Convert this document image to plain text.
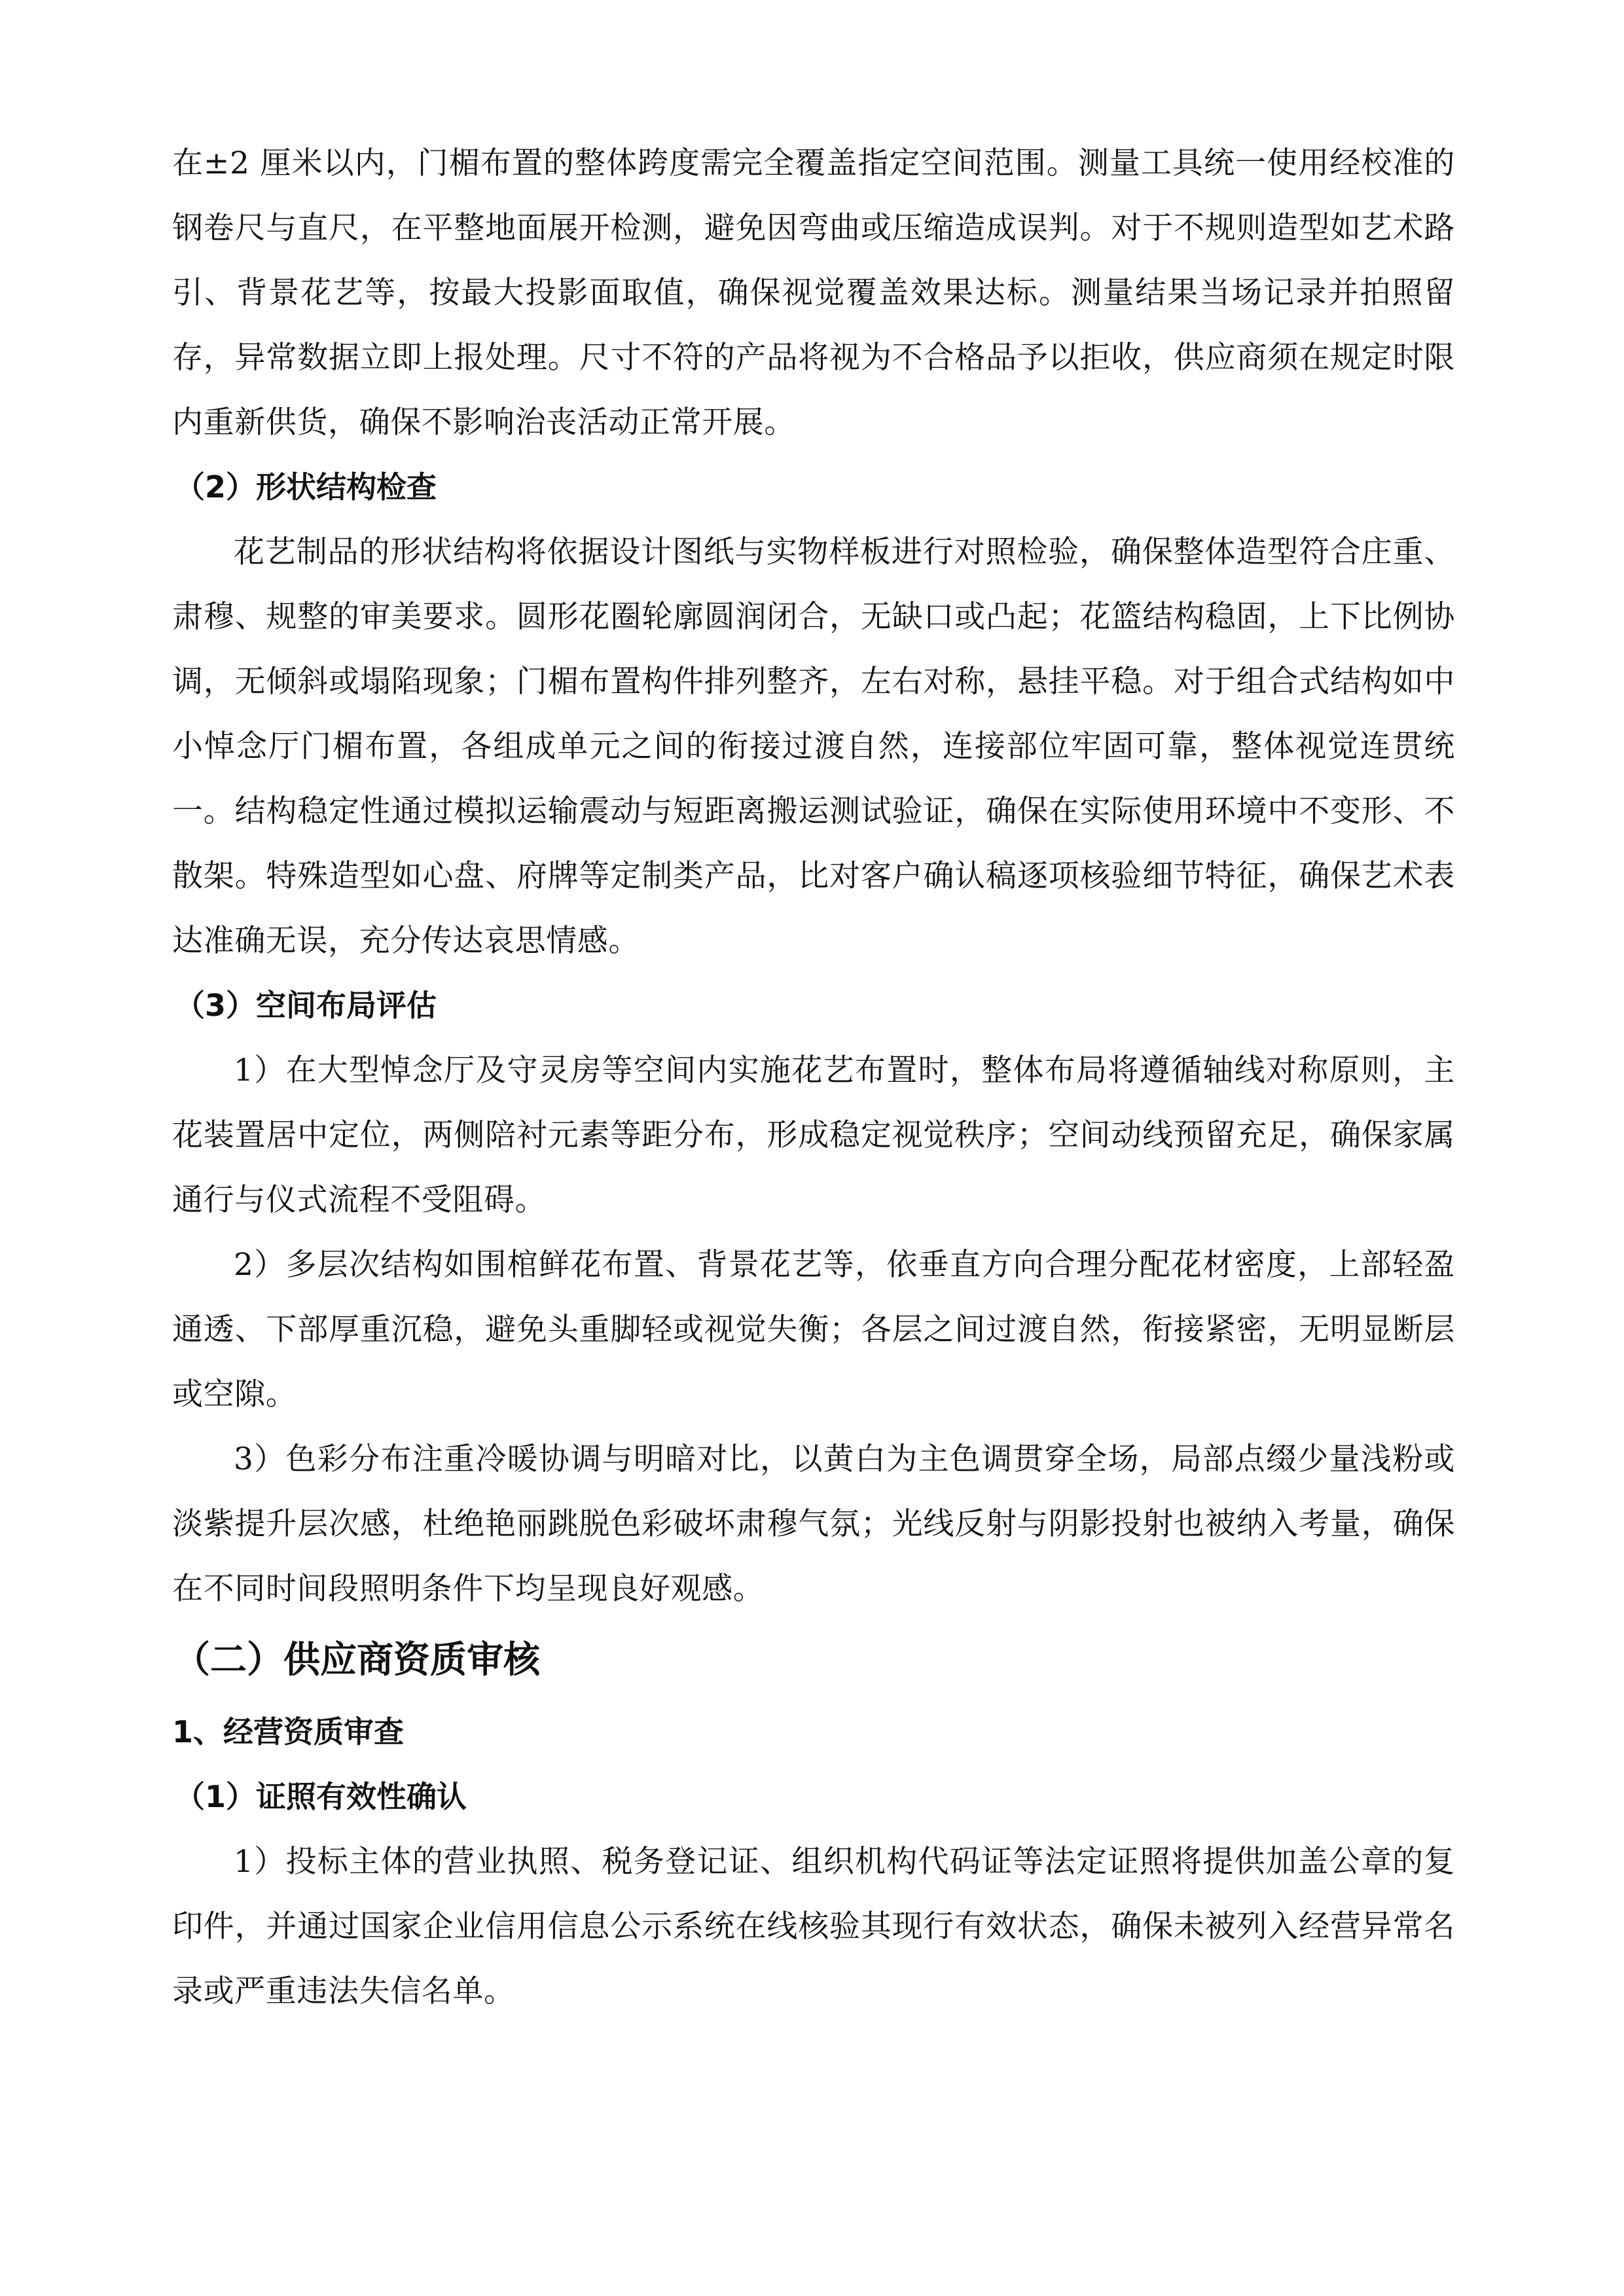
在±2 厘米以内，门楣布置的整体跨度需完全覆盖指定空间范围。测量工具统一使用经校准的钢卷尺与直尺，在平整地面展开检测，避免因弯曲或压缩造成误判。对于不规则造型如艺术路引、背景花艺等，按最大投影面取值，确保视觉覆盖效果达标。测量结果当场记录并拍照留存，异常数据立即上报处理。尺寸不符的产品将视为不合格品予以拒收，供应商须在规定时限内重新供货，确保不影响治丧活动正常开展。

（2）形状结构检查

花艺制品的形状结构将依据设计图纸与实物样板进行对照检验，确保整体造型符合庄重、肃穆、规整的审美要求。圆形花圈轮廓圆润闭合，无缺口或凸起；花篮结构稳固，上下比例协调，无倾斜或塌陷现象；门楣布置构件排列整齐，左右对称，悬挂平稳。对于组合式结构如中小悼念厅门楣布置，各组成单元之间的衔接过渡自然，连接部位牢固可靠，整体视觉连贯统一。结构稳定性通过模拟运输震动与短距离搬运测试验证，确保在实际使用环境中不变形、不散架。特殊造型如心盘、府牌等定制类产品，比对客户确认稿逐项核验细节特征，确保艺术表达准确无误，充分传达哀思情感。

（3）空间布局评估

1）在大型悼念厅及守灵房等空间内实施花艺布置时，整体布局将遵循轴线对称原则，主花装置居中定位，两侧陪衬元素等距分布，形成稳定视觉秩序；空间动线预留充足，确保家属通行与仪式流程不受阻碍。

2）多层次结构如围棺鲜花布置、背景花艺等，依垂直方向合理分配花材密度，上部轻盈通透、下部厚重沉稳，避免头重脚轻或视觉失衡；各层之间过渡自然，衔接紧密，无明显断层或空隙。

3）色彩分布注重冷暖协调与明暗对比，以黄白为主色调贯穿全场，局部点缀少量浅粉或淡紫提升层次感，杜绝艳丽跳脱色彩破坏肃穆气氛；光线反射与阴影投射也被纳入考量，确保在不同时间段照明条件下均呈现良好观感。

（二）供应商资质审核

1、经营资质审查

（1）证照有效性确认

1）投标主体的营业执照、税务登记证、组织机构代码证等法定证照将提供加盖公章的复印件，并通过国家企业信用信息公示系统在线核验其现行有效状态，确保未被列入经营异常名录或严重违法失信名单。
